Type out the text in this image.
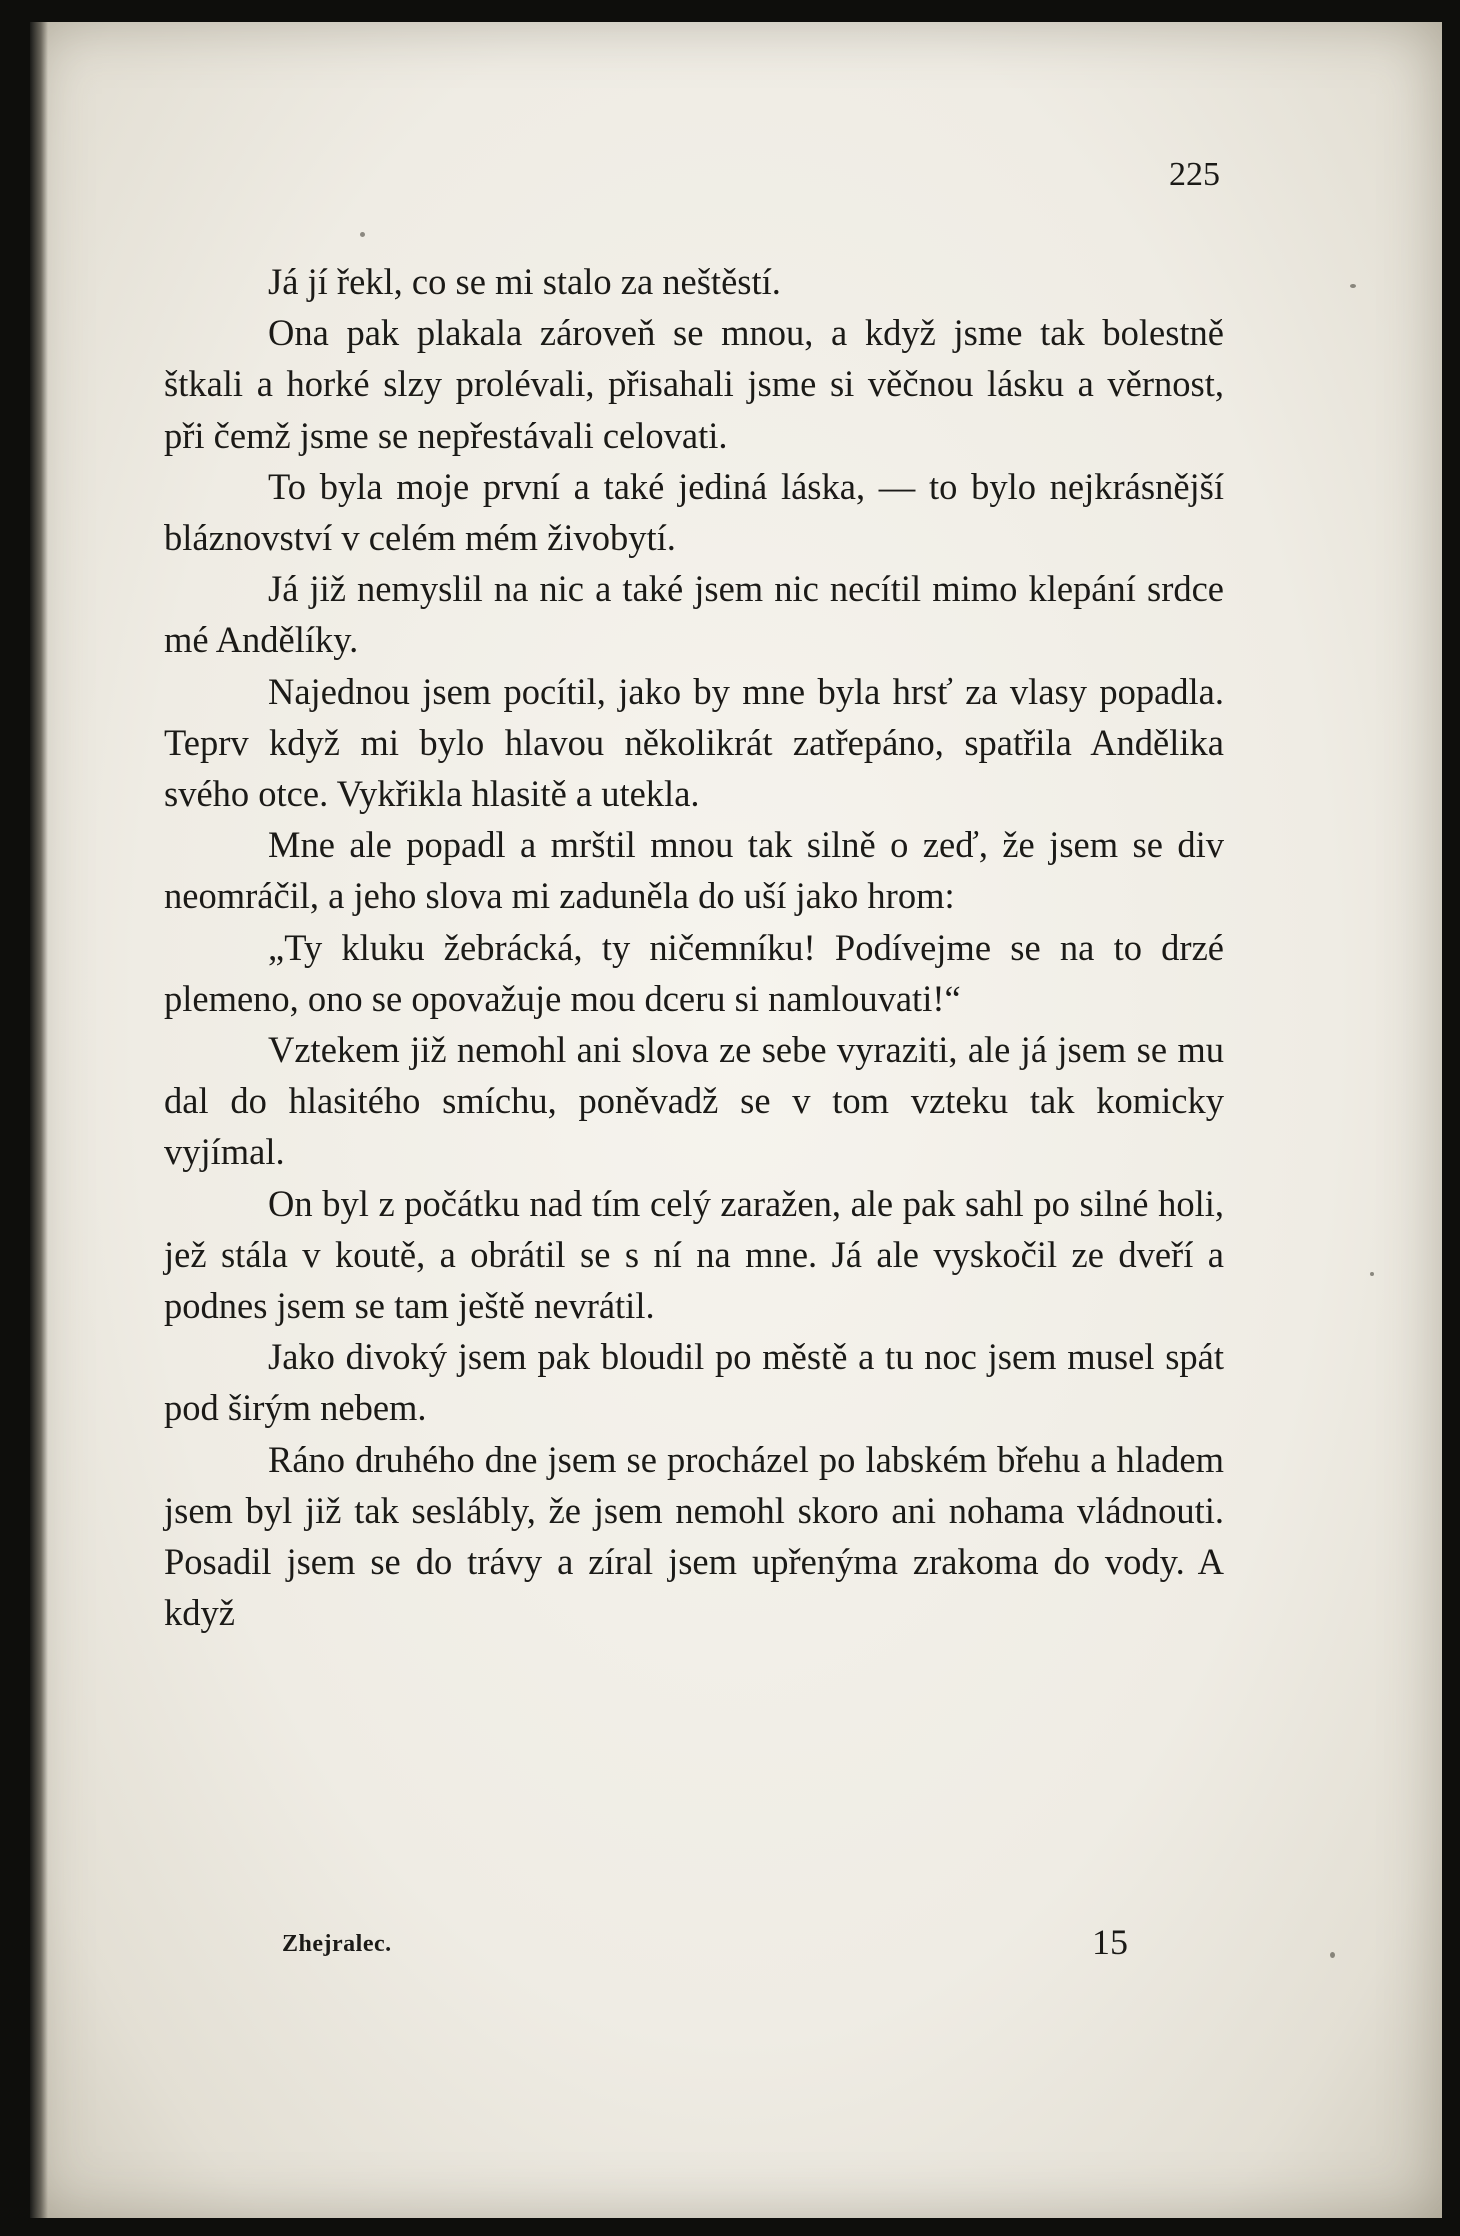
225

Já jí řekl, co se mi stalo za neštěstí.

Ona pak plakala zároveň se mnou, a když jsme tak bolestně štkali a horké slzy prolévali, přisahali jsme si věčnou lásku a věrnost, při čemž jsme se nepřestávali celovati.

To byla moje první a také jediná láska, — to bylo nejkrásnější bláznovství v celém mém živobytí.

Já již nemyslil na nic a také jsem nic necítil mimo klepání srdce mé Andělíky.

Najednou jsem pocítil, jako by mne byla hrsť za vlasy popadla. Teprv když mi bylo hlavou několikrát zatřepáno, spatřila Andělika svého otce. Vykřikla hlasitě a utekla.

Mne ale popadl a mrštil mnou tak silně o zeď, že jsem se div neomráčil, a jeho slova mi zaduněla do uší jako hrom:

„Ty kluku žebrácká, ty ničemníku! Podívejme se na to drzé plemeno, ono se opovažuje mou dceru si namlouvati!“

Vztekem již nemohl ani slova ze sebe vyraziti, ale já jsem se mu dal do hlasitého smíchu, poněvadž se v tom vzteku tak komicky vyjímal.

On byl z počátku nad tím celý zaražen, ale pak sahl po silné holi, jež stála v koutě, a obrátil se s ní na mne. Já ale vyskočil ze dveří a podnes jsem se tam ještě nevrátil.

Jako divoký jsem pak bloudil po městě a tu noc jsem musel spát pod širým nebem.

Ráno druhého dne jsem se procházel po labském břehu a hladem jsem byl již tak seslábly, že jsem nemohl skoro ani nohama vládnouti. Posadil jsem se do trávy a zíral jsem upřenýma zrakoma do vody. A když

Zhejralec.	15
